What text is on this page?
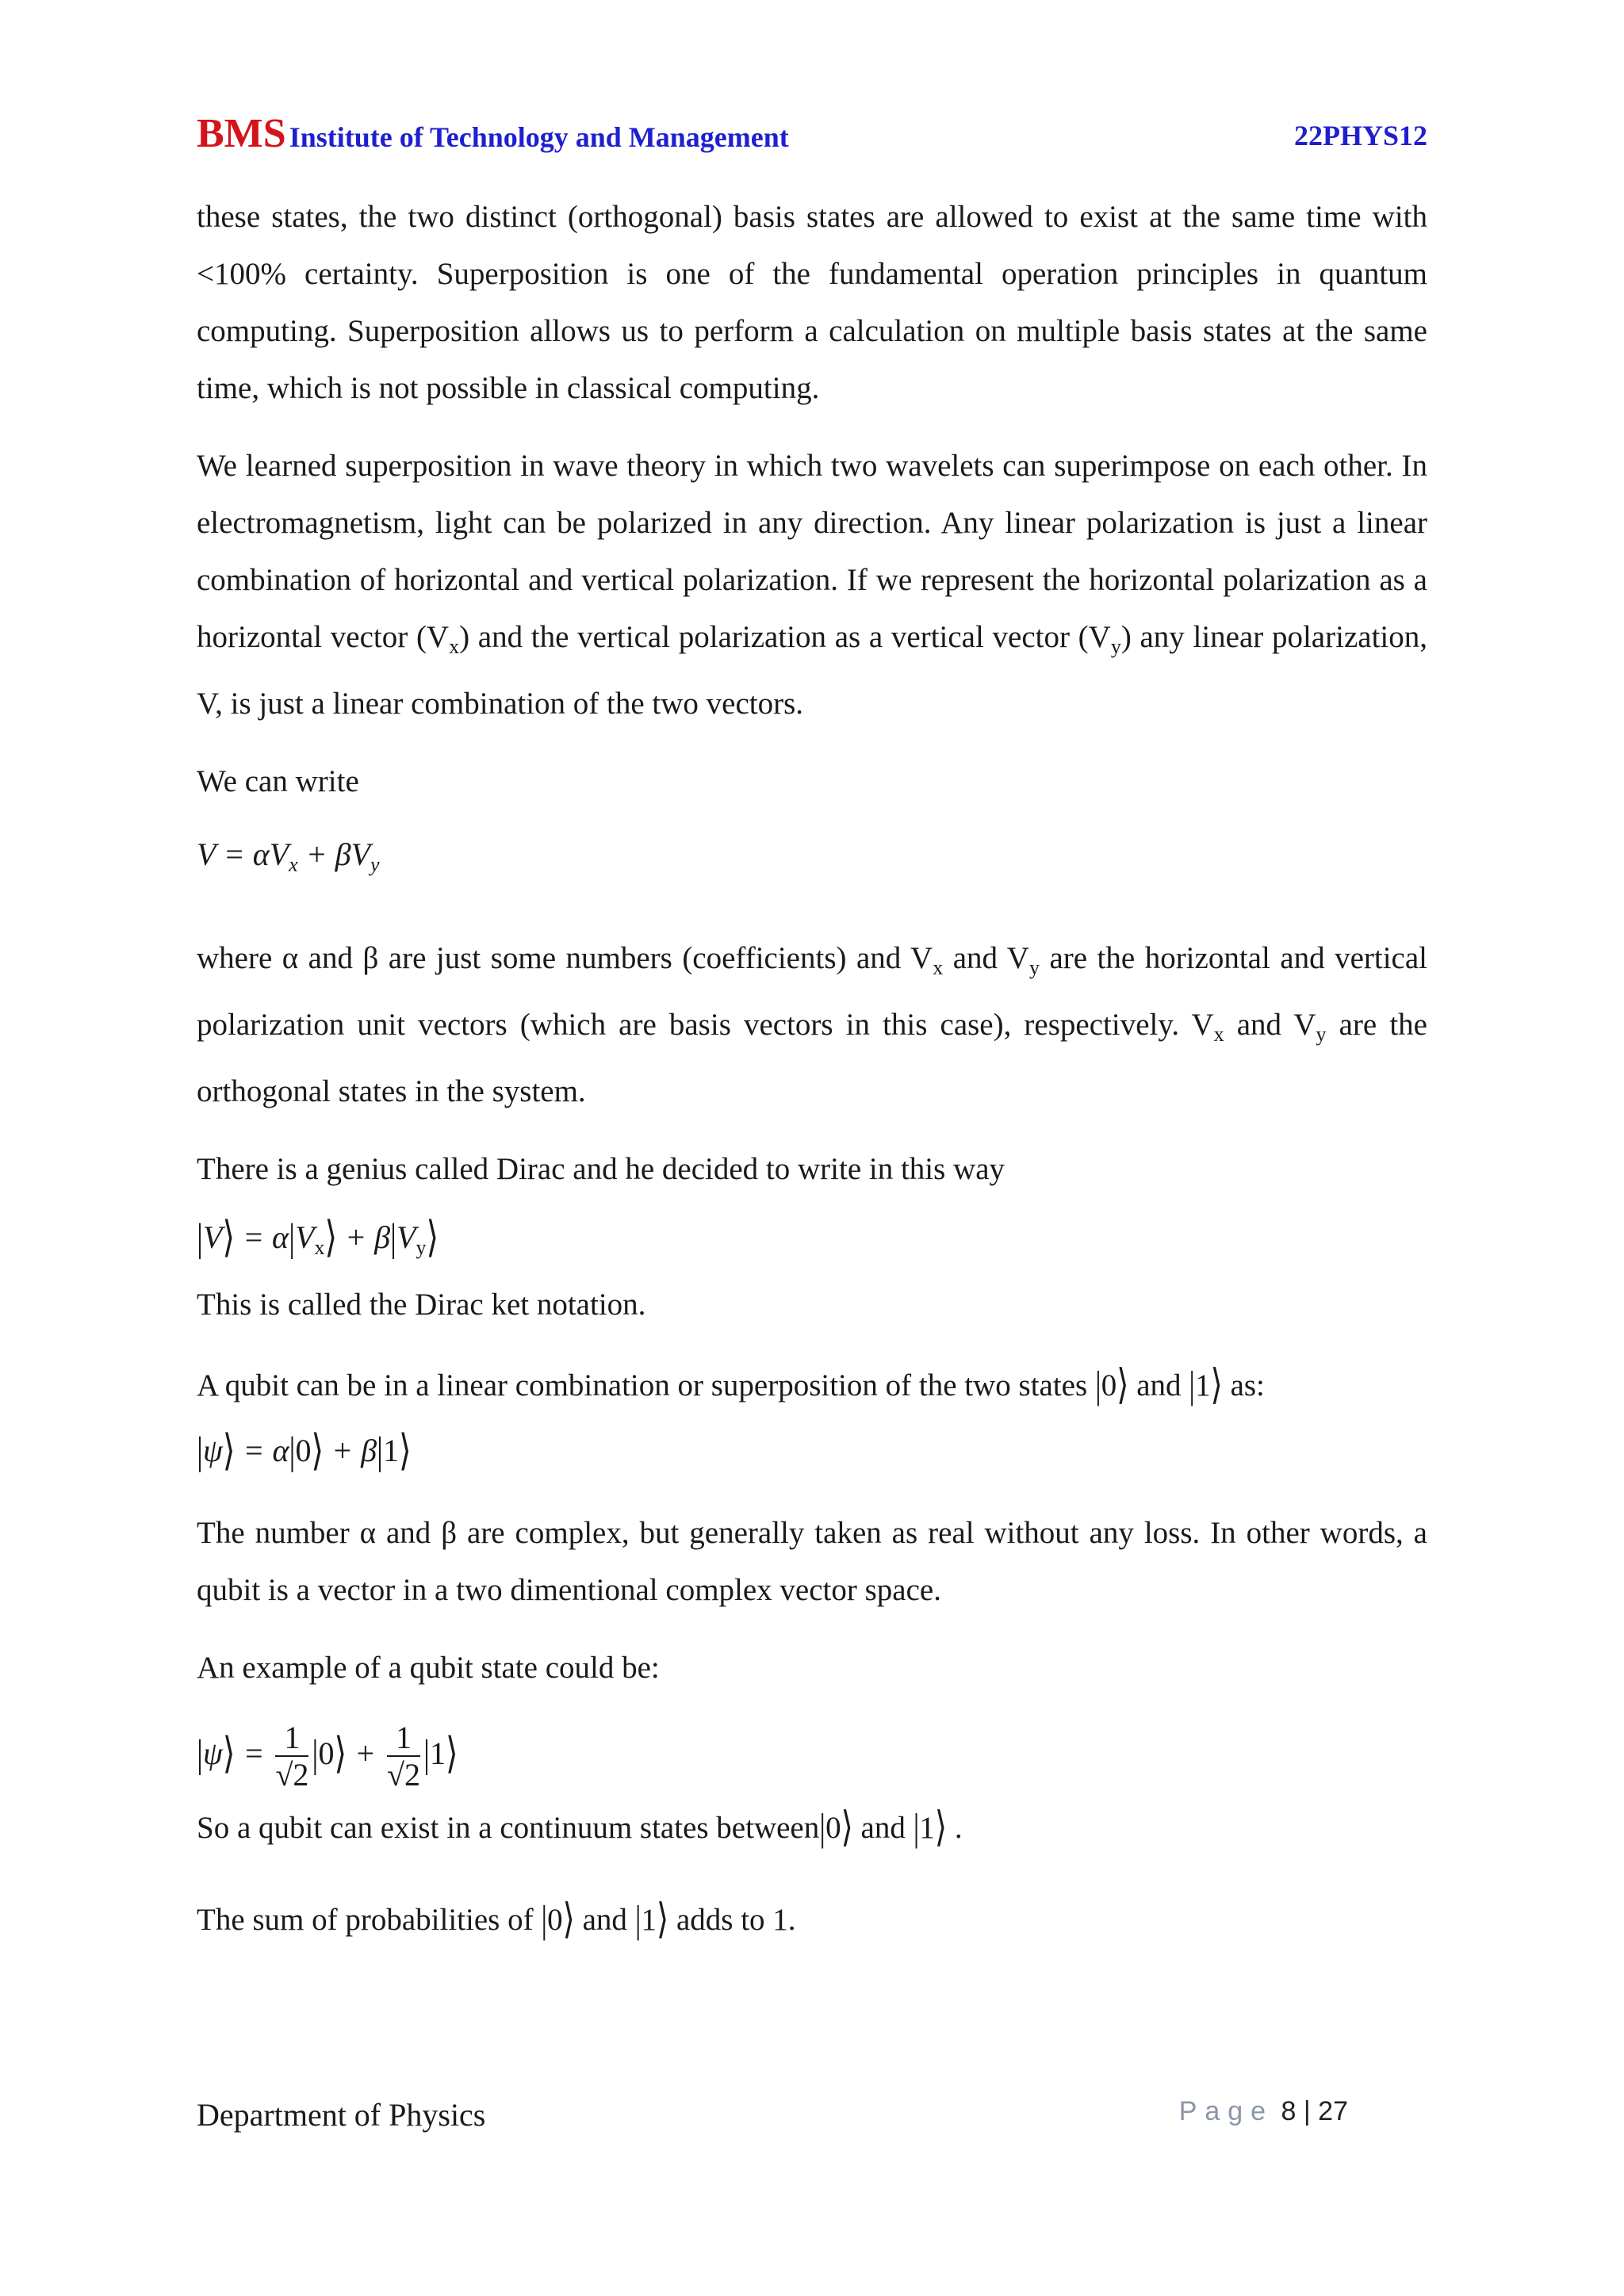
BMS Institute of Technology and Management	22PHYS12

these states, the two distinct (orthogonal) basis states are allowed to exist at the same time with <100% certainty. Superposition is one of the fundamental operation principles in quantum computing. Superposition allows us to perform a calculation on multiple basis states at the same time, which is not possible in classical computing.

We learned superposition in wave theory in which two wavelets can superimpose on each other. In electromagnetism, light can be polarized in any direction. Any linear polarization is just a linear combination of horizontal and vertical polarization. If we represent the horizontal polarization as a horizontal vector $(V_x)$ and the vertical polarization as a vertical vector $(V_y)$ any linear polarization, V, is just a linear combination of the two vectors.

We can write

$V = \alpha V_x + \beta V_y$

where α and β are just some numbers (coefficients) and $V_x$ and $V_y$ are the horizontal and vertical polarization unit vectors (which are basis vectors in this case), respectively. $V_x$ and $V_y$ are the orthogonal states in the system.

There is a genius called Dirac and he decided to write in this way

|V⟩ = $\alpha|V_x⟩$ + $\beta|V_y⟩$

This is called the Dirac ket notation.

A qubit can be in a linear combination or superposition of the two states |0⟩ and |1⟩ as:

|ψ⟩ = α|0⟩ + β|1⟩

The number α and β are complex, but generally taken as real without any loss. In other words, a qubit is a vector in a two dimentional complex vector space.

An example of a qubit state could be:

|ψ⟩ = $\frac{1}{√2}$ |0⟩ + $\frac{1}{√2}$ |1⟩

So a qubit can exist in a continuum states between|0⟩ and |1⟩ .

The sum of probabilities of |0⟩ and |1⟩ adds to 1.

Department of Physics	Page 8 | 27
